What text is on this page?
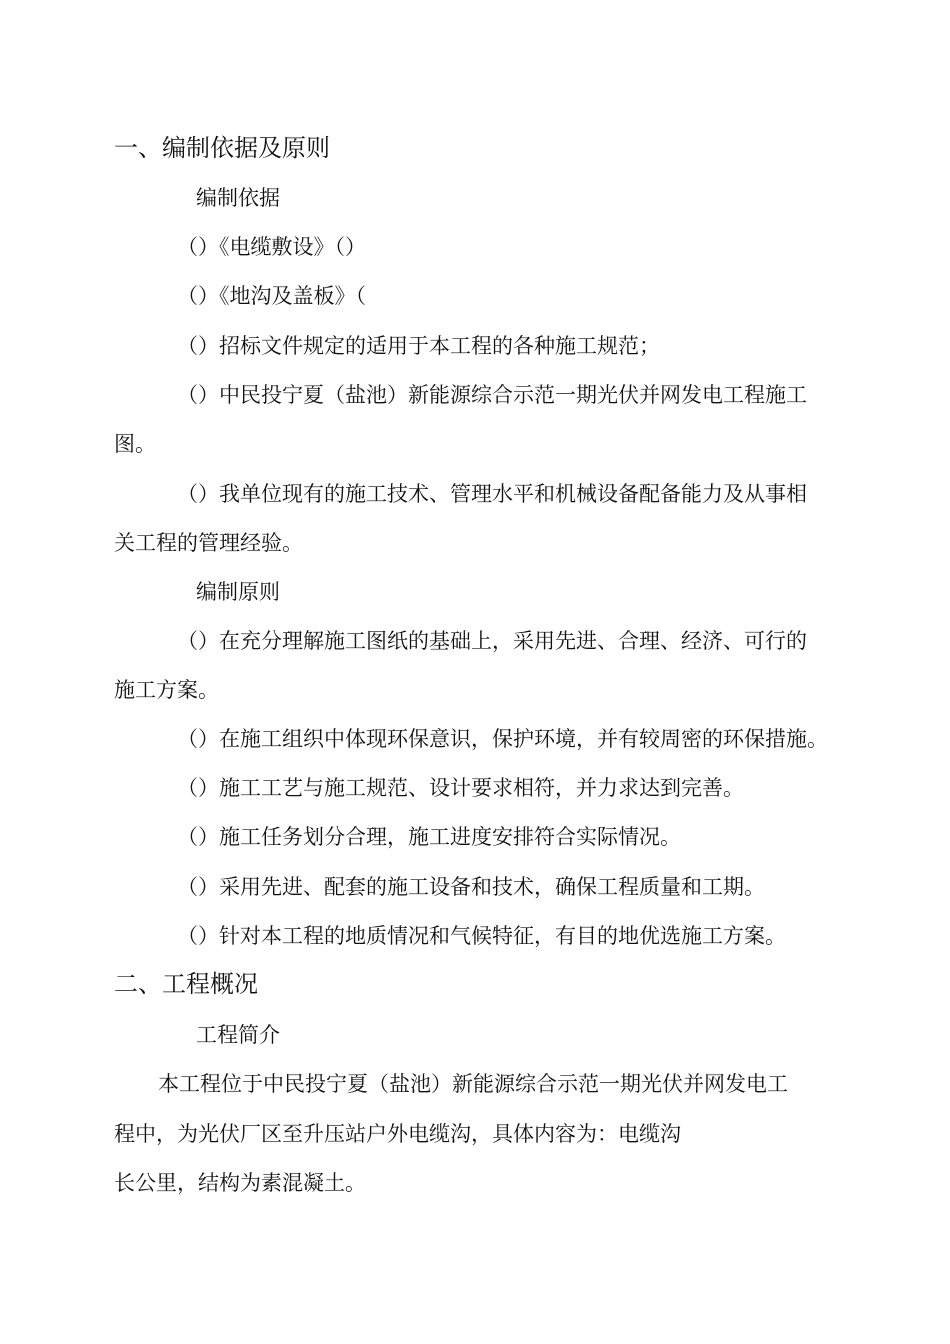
一、编制依据及原则
编制依据
（）《电缆敷设》（）
（）《地沟及盖板》（
（）招标文件规定的适用于本工程的各种施工规范；
（）中民投宁夏（盐池）新能源综合示范一期光伏并网发电工程施工
图。
（）我单位现有的施工技术、管理水平和机械设备配备能力及从事相
关工程的管理经验。
编制原则
（）在充分理解施工图纸的基础上，采用先进、合理、经济、可行的
施工方案。
（）在施工组织中体现环保意识，保护环境，并有较周密的环保措施。
（）施工工艺与施工规范、设计要求相符，并力求达到完善。
（）施工任务划分合理，施工进度安排符合实际情况。
（）采用先进、配套的施工设备和技术，确保工程质量和工期。
（）针对本工程的地质情况和气候特征，有目的地优选施工方案。
二、工程概况
工程简介
本工程位于中民投宁夏（盐池）新能源综合示范一期光伏并网发电工
程中，为光伏厂区至升压站户外电缆沟，具体内容为：电缆沟
长公里，结构为素混凝土。
